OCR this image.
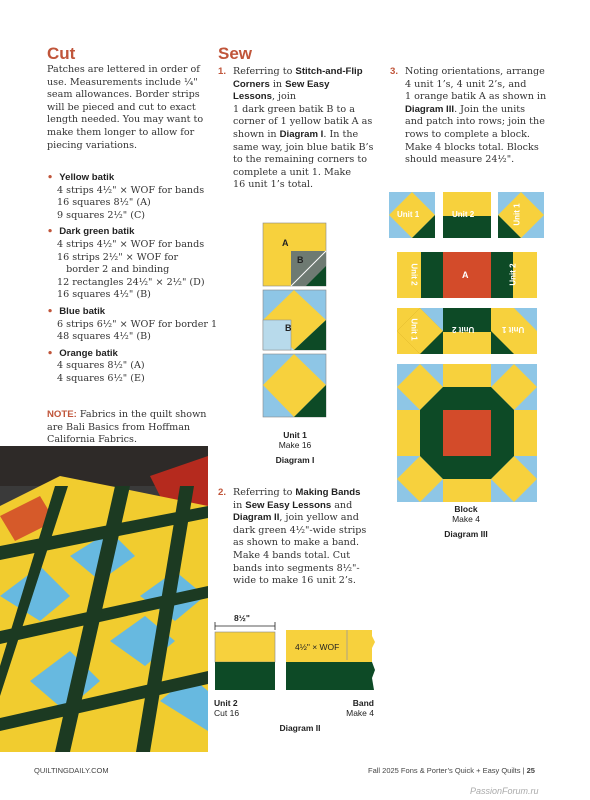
Cut
Patches are lettered in order of
use. Measurements include ¼"
seam allowances. Border strips
will be pieced and cut to exact
length needed. You may want to
make them longer to allow for
piecing variations.
• Yellow batik
4 strips 4½" × WOF for bands
16 squares 8½" (A)
9 squares 2½" (C)
• Dark green batik
4 strips 4½" × WOF for bands
16 strips 2½" × WOF for
border 2 and binding
12 rectangles 24½" × 2½" (D)
16 squares 4½" (B)
• Blue batik
6 strips 6½" × WOF for border 1
48 squares 4½" (B)
• Orange batik
4 squares 8½" (A)
4 squares 6½" (E)
NOTE: Fabrics in the quilt shown
are Bali Basics from Hoffman
California Fabrics.
Sew
1. Referring to Stitch-and-Flip
Corners in Sew Easy
Lessons, join
1 dark green batik B to a
corner of 1 yellow batik A as
shown in Diagram I. In the
same way, join blue batik B’s
to the remaining corners to
complete a unit 1. Make
16 unit 1’s total.
A
B
B
Unit 1
Make 16
Diagram I
2. Referring to Making Bands
in Sew Easy Lessons and
Diagram II, join yellow and
dark green 4½"-wide strips
as shown to make a band.
Make 4 bands total. Cut
bands into segments 8½"-
wide to make 16 unit 2’s.
8½"
4½" × WOF
Unit 2
Cut 16
Band
Make 4
Diagram II
3. Noting orientations, arrange
4 unit 1’s, 4 unit 2’s, and
1 orange batik A as shown in
Diagram III. Join the units
and patch into rows; join the
rows to complete a block.
Make 4 blocks total. Blocks
should measure 24½".
Unit 1	Unit 2	Unit 1
Unit 2	A	Unit 2
Unit 1	Unit 2	Unit 1
Block
Make 4
Diagram III
QUILTINGDAILY.COM	Fall 2025 Fons & Porter’s Quick + Easy Quilts | 25
PassionForum.ru
